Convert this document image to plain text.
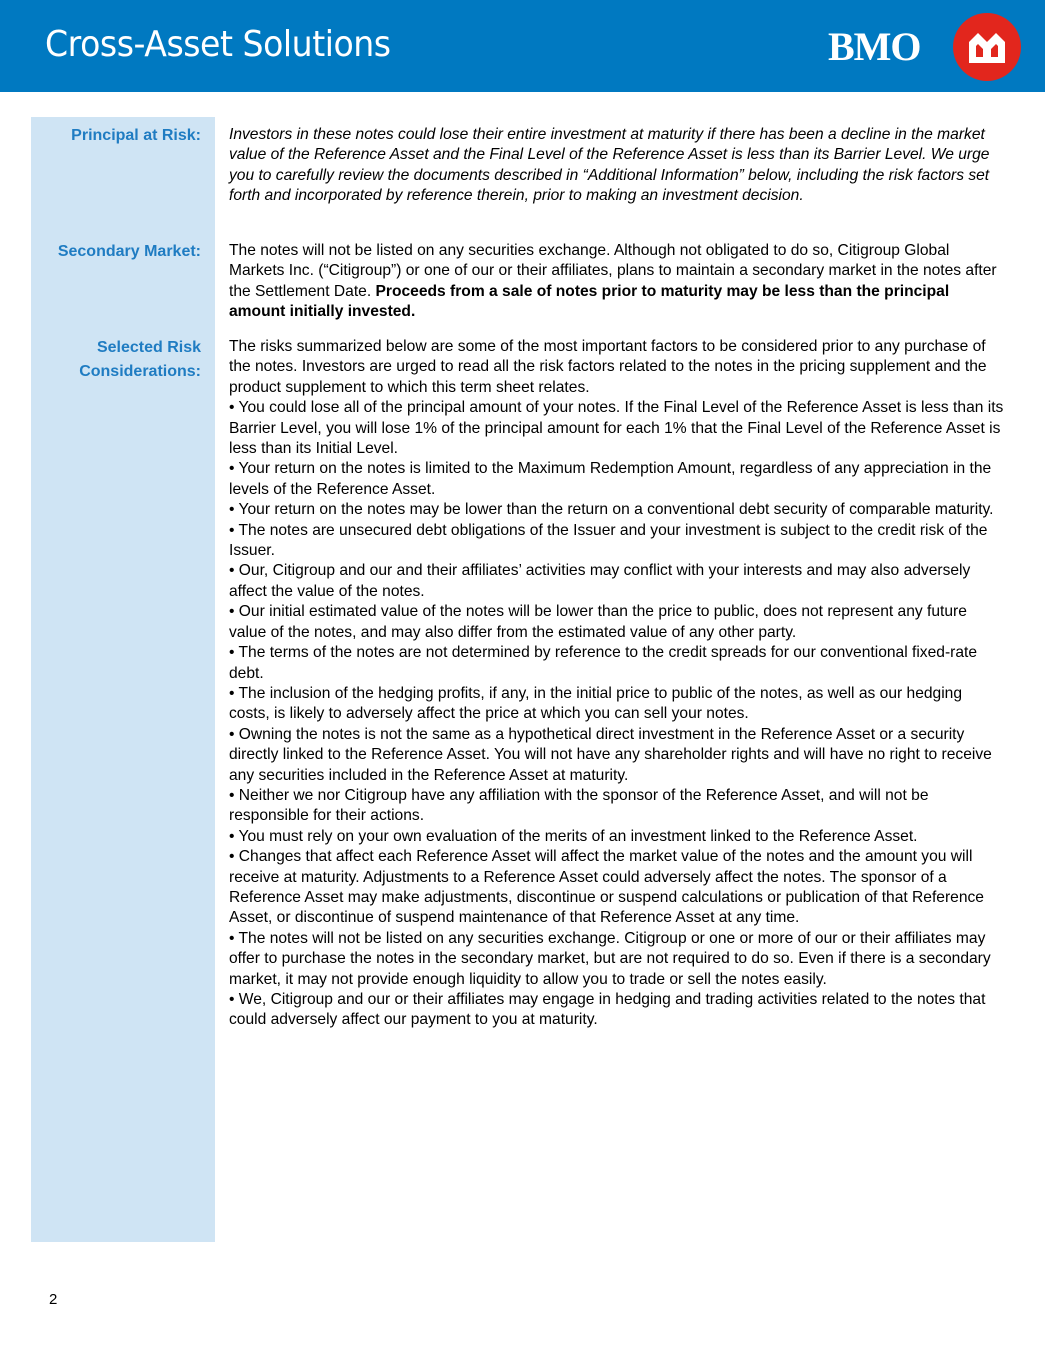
Cross-Asset Solutions	BMO
Principal at Risk: Investors in these notes could lose their entire investment at maturity if there has been a decline in the market value of the Reference Asset and the Final Level of the Reference Asset is less than its Barrier Level. We urge you to carefully review the documents described in “Additional Information” below, including the risk factors set forth and incorporated by reference therein, prior to making an investment decision.
Secondary Market: The notes will not be listed on any securities exchange. Although not obligated to do so, Citigroup Global Markets Inc. (“Citigroup”) or one of our or their affiliates, plans to maintain a secondary market in the notes after the Settlement Date. Proceeds from a sale of notes prior to maturity may be less than the principal amount initially invested.
Selected Risk
Considerations:

The risks summarized below are some of the most important factors to be considered prior to any purchase of the notes. Investors are urged to read all the risk factors related to the notes in the pricing supplement and the product supplement to which this term sheet relates.

• You could lose all of the principal amount of your notes. If the Final Level of the Reference Asset is less than its Barrier Level, you will lose 1% of the principal amount for each 1% that the Final Level of the Reference Asset is less than its Initial Level.

• Your return on the notes is limited to the Maximum Redemption Amount, regardless of any appreciation in the levels of the Reference Asset.

• Your return on the notes may be lower than the return on a conventional debt security of comparable maturity.

• The notes are unsecured debt obligations of the Issuer and your investment is subject to the credit risk of the Issuer.

• Our, Citigroup and our and their affiliates’ activities may conflict with your interests and may also adversely affect the value of the notes.

• Our initial estimated value of the notes will be lower than the price to public, does not represent any future value of the notes, and may also differ from the estimated value of any other party.

• The terms of the notes are not determined by reference to the credit spreads for our conventional fixed-rate debt.

• The inclusion of the hedging profits, if any, in the initial price to public of the notes, as well as our hedging costs, is likely to adversely affect the price at which you can sell your notes.

• Owning the notes is not the same as a hypothetical direct investment in the Reference Asset or a security directly linked to the Reference Asset. You will not have any shareholder rights and will have no right to receive any securities included in the Reference Asset at maturity.

• Neither we nor Citigroup have any affiliation with the sponsor of the Reference Asset, and will not be responsible for their actions.

• You must rely on your own evaluation of the merits of an investment linked to the Reference Asset.

• Changes that affect each Reference Asset will affect the market value of the notes and the amount you will receive at maturity. Adjustments to a Reference Asset could adversely affect the notes. The sponsor of a Reference Asset may make adjustments, discontinue or suspend calculations or publication of that Reference Asset, or discontinue of suspend maintenance of that Reference Asset at any time.

• The notes will not be listed on any securities exchange. Citigroup or one or more of our or their affiliates may offer to purchase the notes in the secondary market, but are not required to do so. Even if there is a secondary market, it may not provide enough liquidity to allow you to trade or sell the notes easily.

• We, Citigroup and our or their affiliates may engage in hedging and trading activities related to the notes that could adversely affect our payment to you at maturity.

2
